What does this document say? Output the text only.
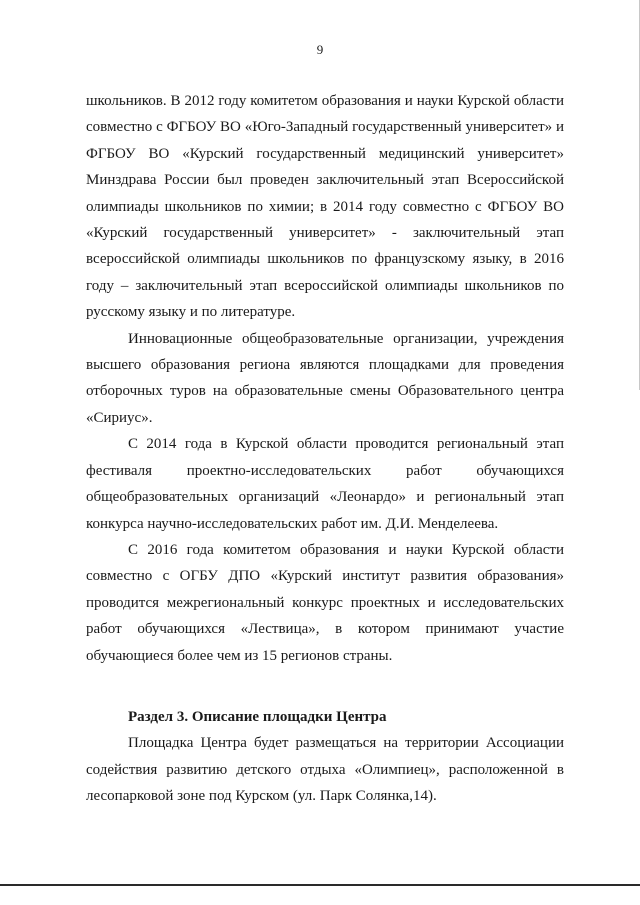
9

школьников. В 2012 году комитетом образования и науки Курской области совместно с ФГБОУ ВО «Юго-Западный государственный университет» и ФГБОУ ВО «Курский государственный медицинский университет» Минздрава России был проведен заключительный этап Всероссийской олимпиады школьников по химии; в 2014 году совместно с ФГБОУ ВО «Курский государственный университет» - заключительный этап всероссийской олимпиады школьников по французскому языку, в 2016 году – заключительный этап всероссийской олимпиады школьников по русскому языку и по литературе.

Инновационные общеобразовательные организации, учреждения высшего образования региона являются площадками для проведения отборочных туров на образовательные смены Образовательного центра «Сириус».

С 2014 года в Курской области проводится региональный этап фестиваля проектно-исследовательских работ обучающихся общеобразовательных организаций «Леонардо» и региональный этап конкурса научно-исследовательских работ им. Д.И. Менделеева.

С 2016 года комитетом образования и науки Курской области совместно с ОГБУ ДПО «Курский институт развития образования» проводится межрегиональный конкурс проектных и исследовательских работ обучающихся «Лествица», в котором принимают участие обучающиеся более чем из 15 регионов страны.

Раздел 3. Описание площадки Центра

Площадка Центра будет размещаться на территории Ассоциации содействия развитию детского отдыха «Олимпиец», расположенной в лесопарковой зоне под Курском (ул. Парк Солянка,14).
